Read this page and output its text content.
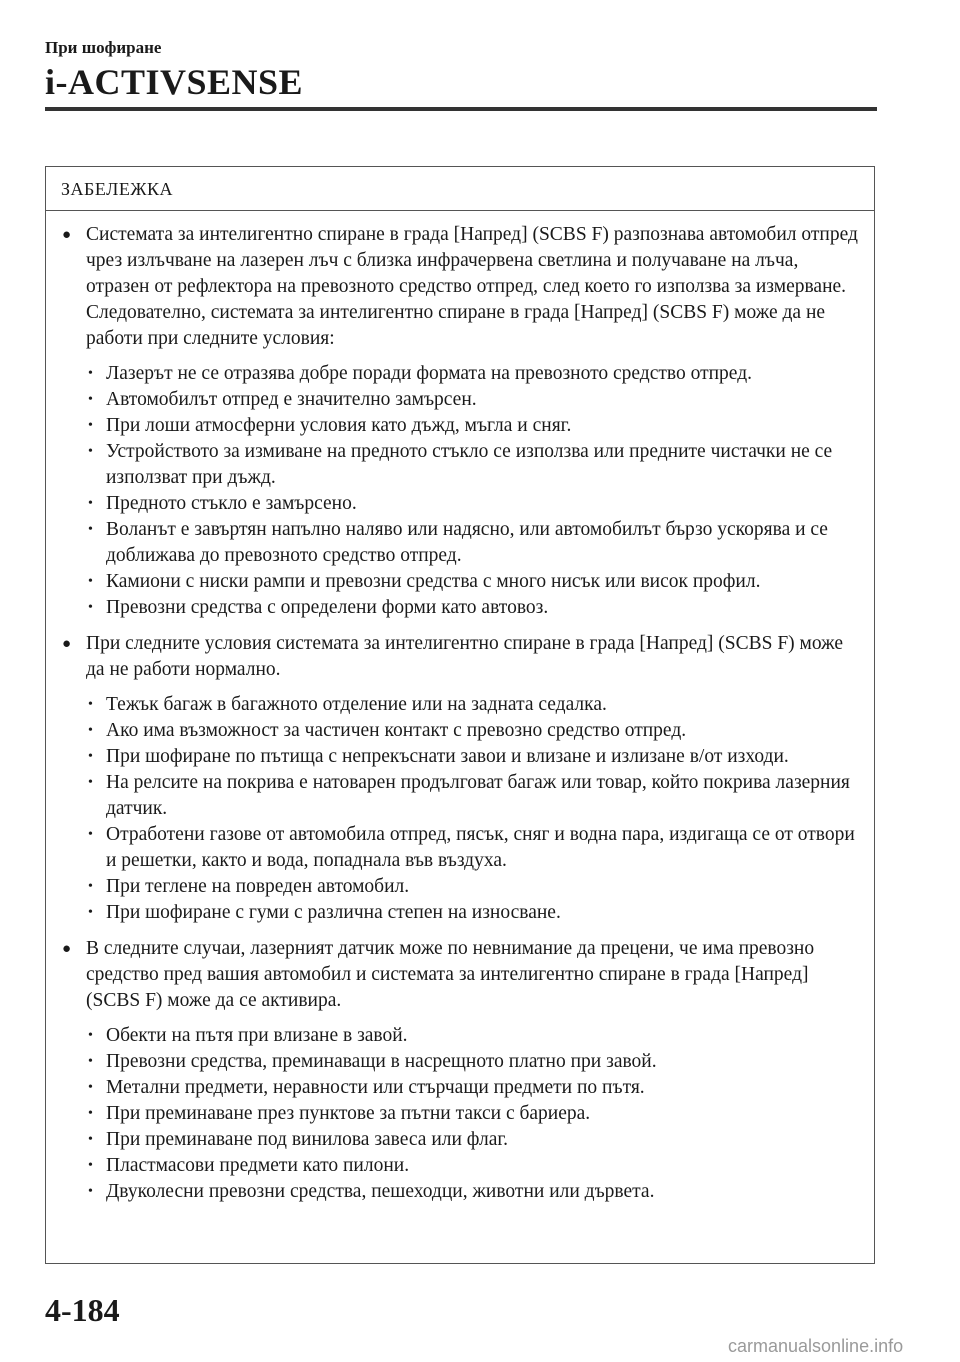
При шофиране
i-ACTIVSENSE
ЗАБЕЛЕЖКА
● Системата за интелигентно спиране в града [Напред] (SCBS F) разпознава автомобил отпред чрез излъчване на лазерен лъч с близка инфрачервена светлина и получаване на лъча, отразен от рефлектора на превозното средство отпред, след което го използва за измерване. Следователно, системата за интелигентно спиране в града [Напред] (SCBS F) може да не работи при следните условия:
• Лазерът не се отразява добре поради формата на превозното средство отпред.
• Автомобилът отпред е значително замърсен.
• При лоши атмосферни условия като дъжд, мъгла и сняг.
• Устройството за измиване на предното стъкло се използва или предните чистачки не се използват при дъжд.
• Предното стъкло е замърсено.
• Воланът е завъртян напълно наляво или надясно, или автомобилът бързо ускорява и се доближава до превозното средство отпред.
• Камиони с ниски рампи и превозни средства с много нисък или висок профил.
• Превозни средства с определени форми като автовоз.
● При следните условия системата за интелигентно спиране в града [Напред] (SCBS F) може да не работи нормално.
• Тежък багаж в багажното отделение или на задната седалка.
• Ако има възможност за частичен контакт с превозно средство отпред.
• При шофиране по пътища с непрекъснати завои и влизане и излизане в/от изходи.
• На релсите на покрива е натоварен продълговат багаж или товар, който покрива лазерния датчик.
• Отработени газове от автомобила отпред, пясък, сняг и водна пара, издигаща се от отвори и решетки, както и вода, попаднала във въздуха.
• При теглене на повреден автомобил.
• При шофиране с гуми с различна степен на износване.
● В следните случаи, лазерният датчик може по невнимание да прецени, че има превозно средство пред вашия автомобил и системата за интелигентно спиране в града [Напред] (SCBS F) може да се активира.
• Обекти на пътя при влизане в завой.
• Превозни средства, преминаващи в насрещното платно при завой.
• Метални предмети, неравности или стърчащи предмети по пътя.
• При преминаване през пунктове за пътни такси с бариера.
• При преминаване под винилова завеса или флаг.
• Пластмасови предмети като пилони.
• Двуколесни превозни средства, пешеходци, животни или дървета.
4-184
carmanualsonline.info
